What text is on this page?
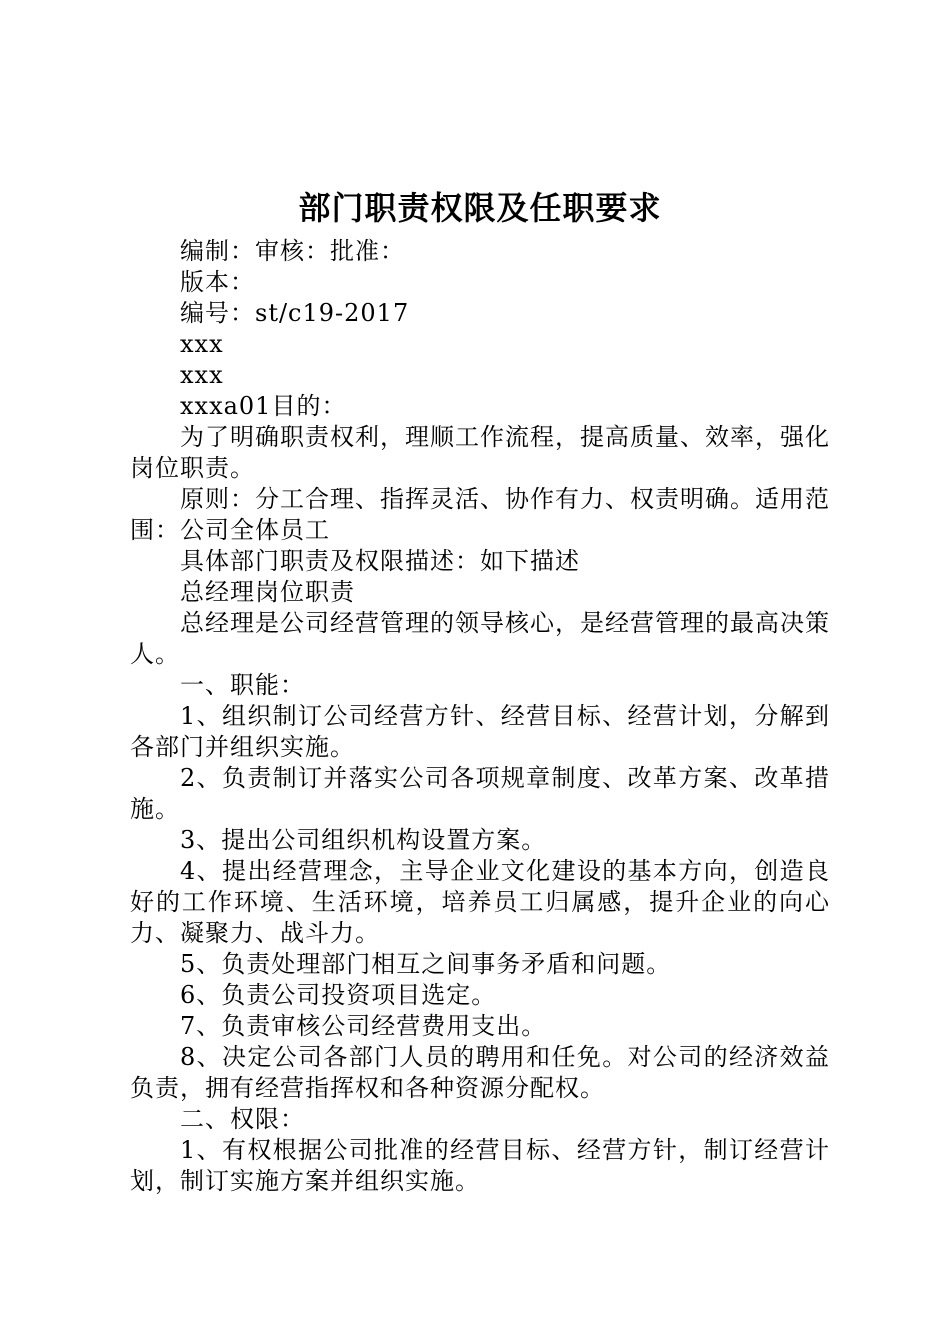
部门职责权限及任职要求

编制：审核：批准：

版本：

编号：st/c19-2017

xxx

xxx

xxxa01目的：

为了明确职责权利，理顺工作流程，提高质量、效率，强化岗位职责。

原则：分工合理、指挥灵活、协作有力、权责明确。适用范围：公司全体员工

具体部门职责及权限描述：如下描述

总经理岗位职责

总经理是公司经营管理的领导核心，是经营管理的最高决策人。

一、职能：

1、组织制订公司经营方针、经营目标、经营计划，分解到各部门并组织实施。

2、负责制订并落实公司各项规章制度、改革方案、改革措施。

3、提出公司组织机构设置方案。

4、提出经营理念，主导企业文化建设的基本方向，创造良好的工作环境、生活环境，培养员工归属感，提升企业的向心力、凝聚力、战斗力。

5、负责处理部门相互之间事务矛盾和问题。

6、负责公司投资项目选定。

7、负责审核公司经营费用支出。

8、决定公司各部门人员的聘用和任免。对公司的经济效益负责，拥有经营指挥权和各种资源分配权。

二、权限：

1、有权根据公司批准的经营目标、经营方针，制订经营计划，制订实施方案并组织实施。
